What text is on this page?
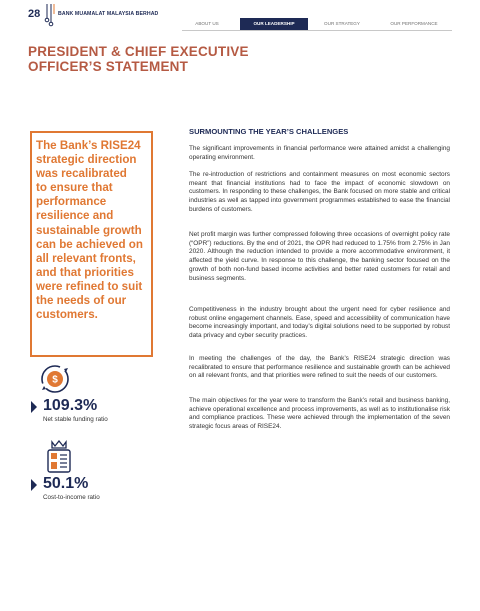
28	BANK MUAMALAT MALAYSIA BERHAD
ABOUT US	OUR LEADERSHIP	OUR STRATEGY	OUR PERFORMANCE
PRESIDENT & CHIEF EXECUTIVE
OFFICER’S STATEMENT
The Bank’s RISE24
strategic direction
was recalibrated
to ensure that
performance
resilience and
sustainable growth
can be achieved on
all relevant fronts,
and that priorities
were refined to suit
the needs of our
customers.
$
109.3%
Net stable funding ratio
50.1%
Cost-to-income ratio
SURMOUNTING THE YEAR’S CHALLENGES

The significant improvements in financial performance were attained amidst a challenging operating environment.

The re-introduction of restrictions and containment measures on most economic sectors meant that financial institutions had to face the impact of economic slowdown on customers. In responding to these challenges, the Bank focused on more stable and critical industries as well as tapped into government programmes established to ease the financial burdens of customers.

Net profit margin was further compressed following three occasions of overnight policy rate (“OPR”) reductions. By the end of 2021, the OPR had reduced to 1.75% from 2.75% in Jan 2020. Although the reduction intended to provide a more accommodative environment, it affected the yield curve. In response to this challenge, the banking sector focused on the growth of both non-fund based income activities and better rated customers for retail and business segments.

Competitiveness in the industry brought about the urgent need for cyber resilience and robust online engagement channels. Ease, speed and accessibility of communication have become increasingly important, and today’s digital solutions need to be supported by robust data privacy and cyber security practices.

In meeting the challenges of the day, the Bank’s RISE24 strategic direction was recalibrated to ensure that performance resilience and sustainable growth can be achieved on all relevant fronts, and that priorities were refined to suit the needs of our customers.

The main objectives for the year were to transform the Bank’s retail and business banking, achieve operational excellence and process improvements, as well as to institutionalise risk and compliance practices. These were achieved through the implementation of the seven strategic focus areas of RISE24.
